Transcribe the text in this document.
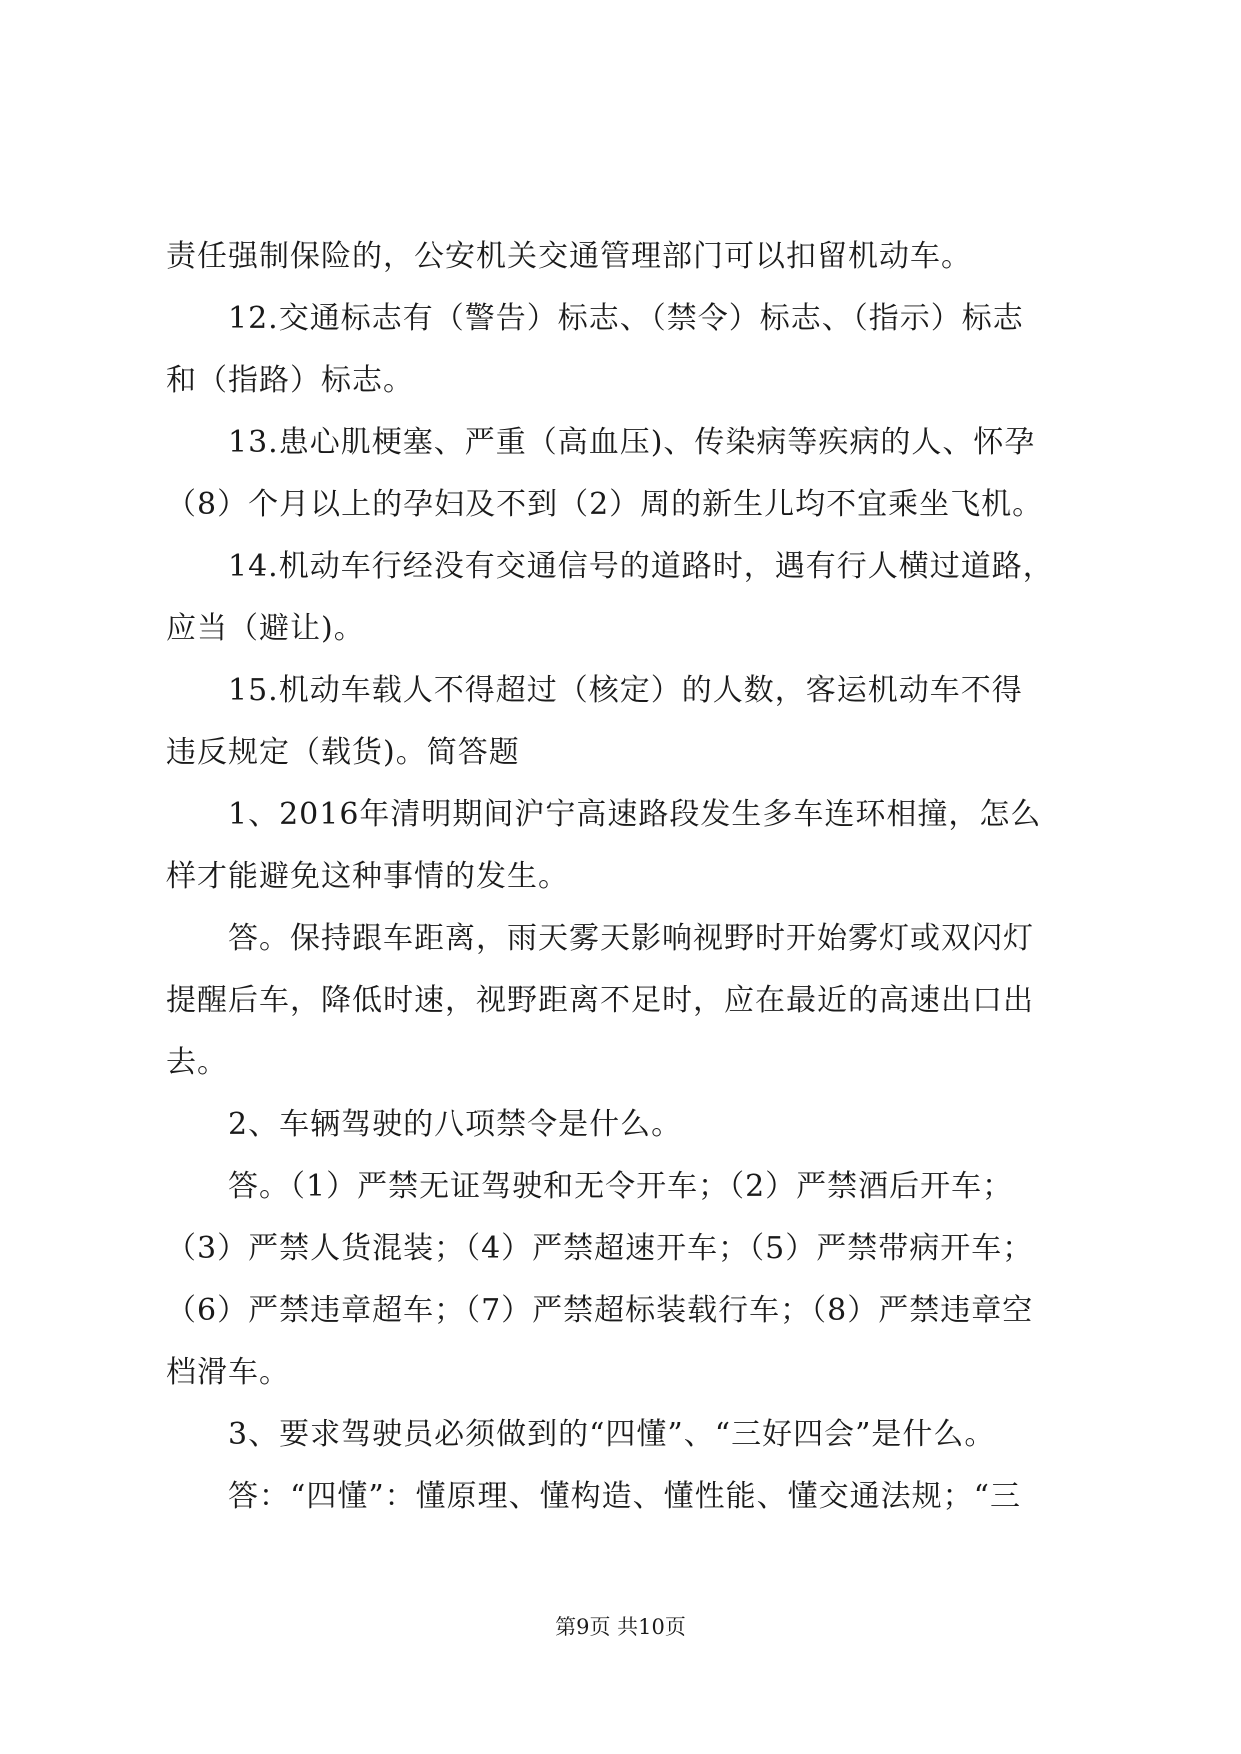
责任强制保险的，公安机关交通管理部门可以扣留机动车。
12.交通标志有（警告）标志、（禁令）标志、（指示）标志
和（指路）标志。
13.患心肌梗塞、严重（高血压)、传染病等疾病的人、怀孕
（8）个月以上的孕妇及不到（2）周的新生儿均不宜乘坐飞机。
14.机动车行经没有交通信号的道路时，遇有行人横过道路，
应当（避让)。
15.机动车载人不得超过（核定）的人数，客运机动车不得
违反规定（载货)。简答题
1、2016年清明期间沪宁高速路段发生多车连环相撞，怎么
样才能避免这种事情的发生。
答。保持跟车距离，雨天雾天影响视野时开始雾灯或双闪灯
提醒后车，降低时速，视野距离不足时，应在最近的高速出口出
去。
2、车辆驾驶的八项禁令是什么。
答。（1）严禁无证驾驶和无令开车；（2）严禁酒后开车；
（3）严禁人货混装；（4）严禁超速开车；（5）严禁带病开车；
（6）严禁违章超车；（7）严禁超标装载行车；（8）严禁违章空
档滑车。
3、要求驾驶员必须做到的“四懂”、“三好四会”是什么。
答：“四懂”：懂原理、懂构造、懂性能、懂交通法规；“三
第9页 共10页
